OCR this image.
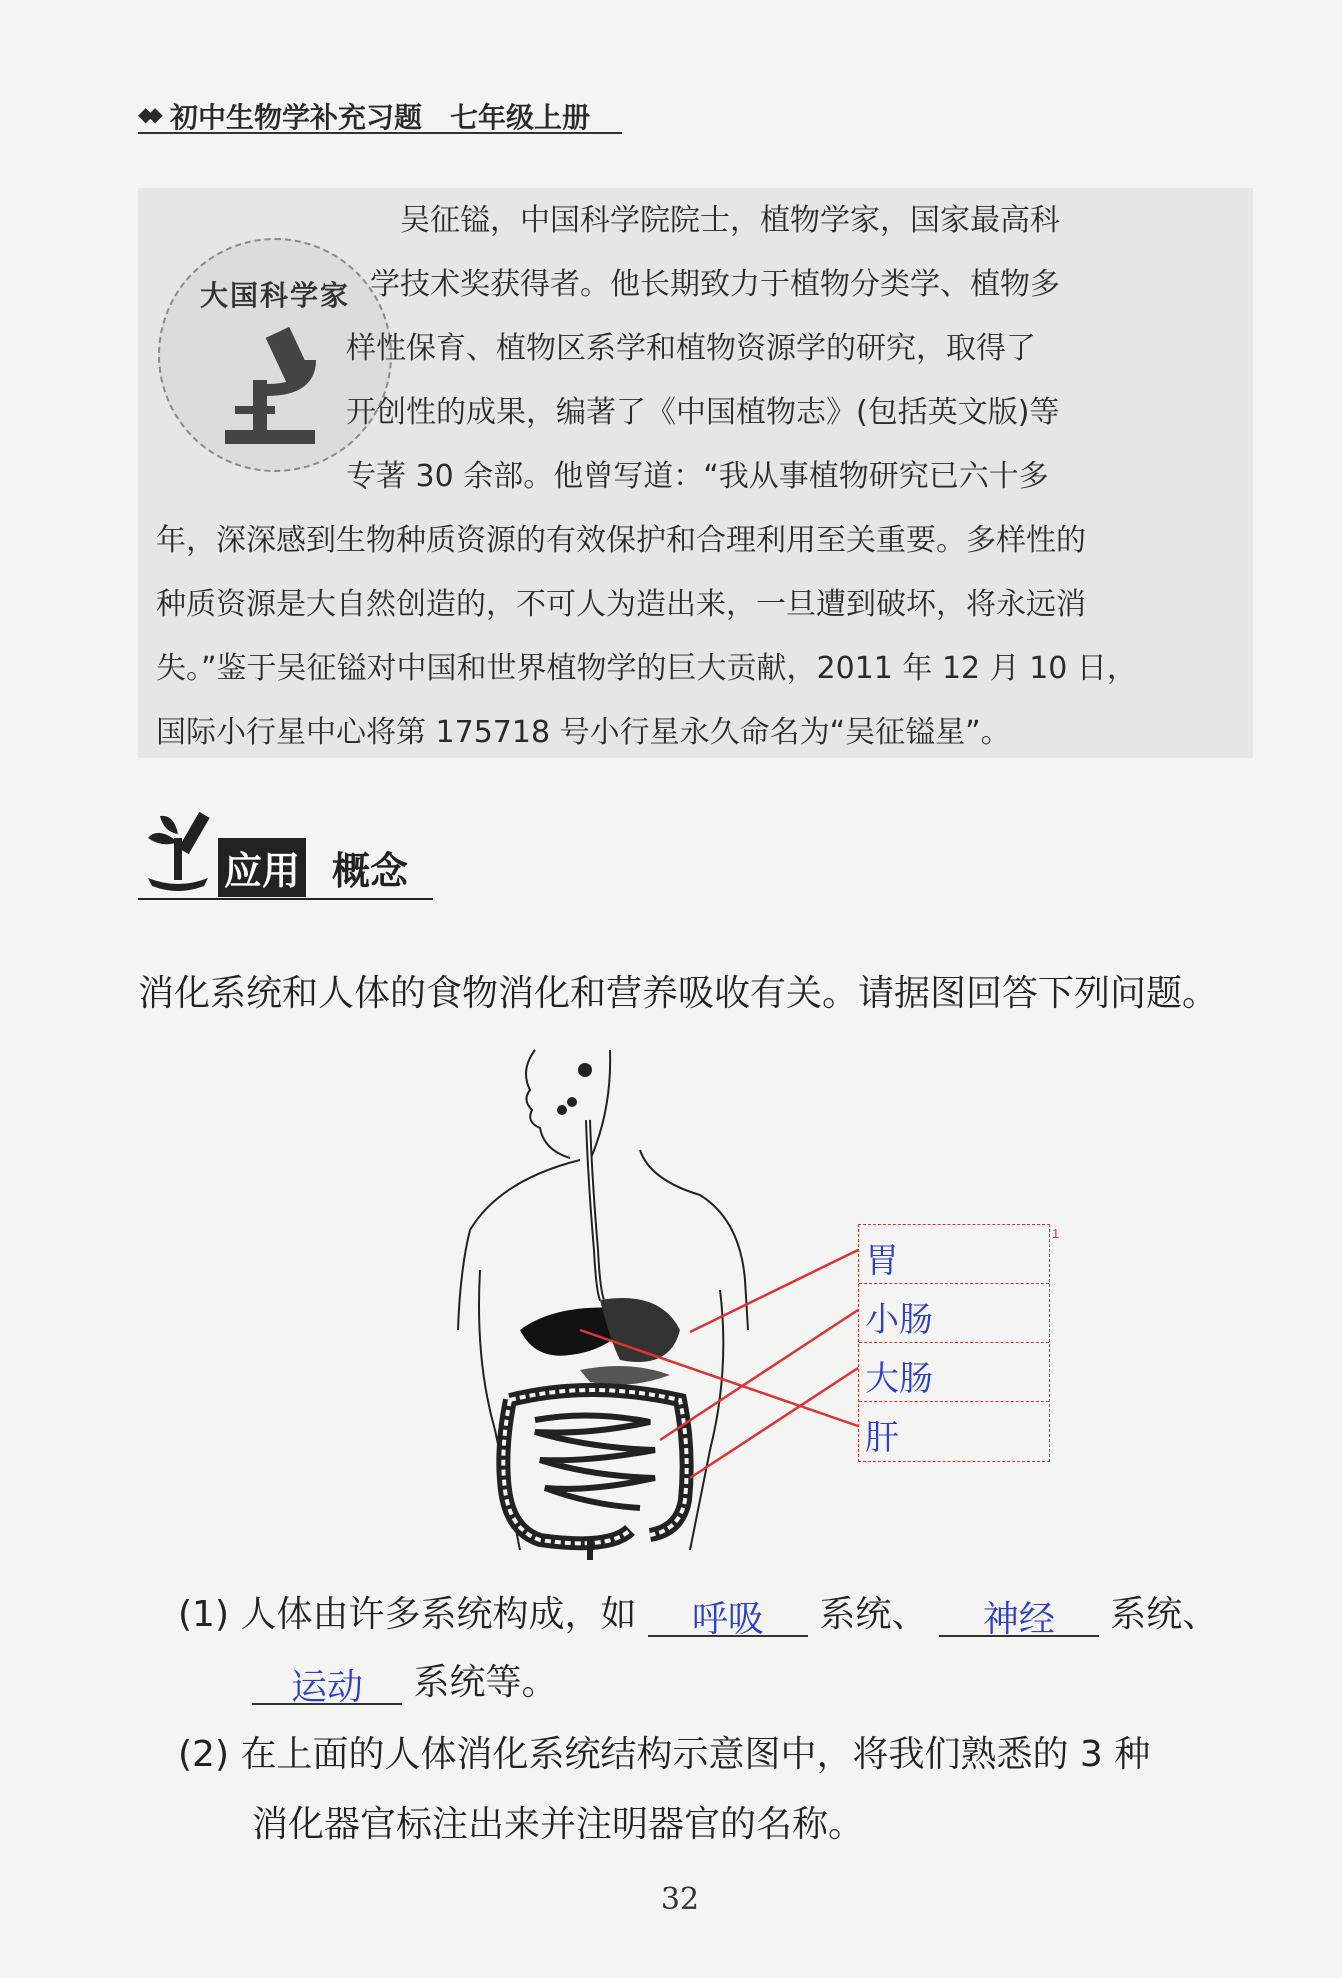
◆◆ 初中生物学补充习题　七年级上册
大国科学家
吴征镒，中国科学院院士，植物学家，国家最高科
学技术奖获得者。他长期致力于植物分类学、植物多
样性保育、植物区系学和植物资源学的研究，取得了
开创性的成果，编著了《中国植物志》(包括英文版)等
专著 30 余部。他曾写道：“我从事植物研究已六十多
年，深深感到生物种质资源的有效保护和合理利用至关重要。多样性的
种质资源是大自然创造的，不可人为造出来，一旦遭到破坏，将永远消
失。”鉴于吴征镒对中国和世界植物学的巨大贡献，2011 年 12 月 10 日，
国际小行星中心将第 175718 号小行星永久命名为“吴征镒星”。
应用 概念
消化系统和人体的食物消化和营养吸收有关。请据图回答下列问题。
胃
小肠
大肠
肝
1
(1) 人体由许多系统构成，如 呼吸 系统、 神经 系统、
运动 系统等。
(2) 在上面的人体消化系统结构示意图中，将我们熟悉的 3 种
消化器官标注出来并注明器官的名称。
32
